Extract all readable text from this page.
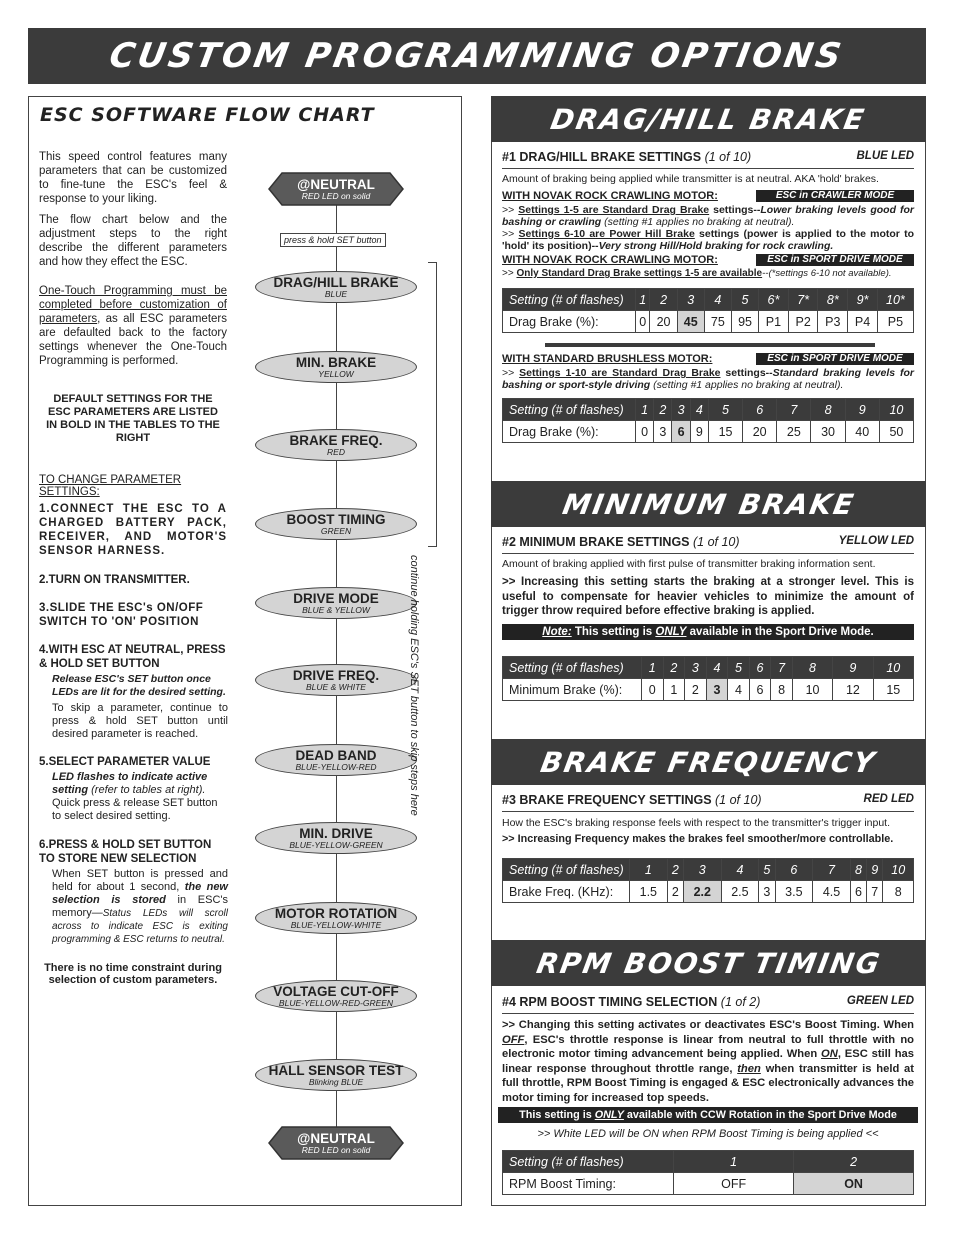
CUSTOM PROGRAMMING OPTIONS
ESC SOFTWARE FLOW CHART
This speed control features many parameters that can be customized to fine-tune the ESC's feel & response to your liking.
The flow chart below and the adjustment steps to the right describe the different parameters and how they effect the ESC.
One-Touch Programming must be completed before customization of parameters, as all ESC parameters are defaulted back to the factory settings whenever the One-Touch Programming is performed.
DEFAULT SETTINGS FOR THE ESC PARAMETERS ARE LISTED IN BOLD IN THE TABLES TO THE RIGHT
TO CHANGE PARAMETER SETTINGS:
1.CONNECT THE ESC TO A CHARGED BATTERY PACK, RECEIVER, AND MOTOR'S SENSOR HARNESS.
2.TURN ON TRANSMITTER.
3.SLIDE THE ESC's ON/OFF SWITCH TO 'ON' POSITION
4.WITH ESC AT NEUTRAL, PRESS & HOLD SET BUTTON
Release ESC's SET button once LEDs are lit for the desired setting.
To skip a parameter, continue to press & hold SET button until desired parameter is reached.
5.SELECT PARAMETER VALUE
LED flashes to indicate active setting (refer to tables at right). Quick press & release SET button to select desired setting.
6.PRESS & HOLD SET BUTTON TO STORE NEW SELECTION
When SET button is pressed and held for about 1 second, the new selection is stored in ESC's memory—Status LEDs will scroll across to indicate ESC is exiting programming & ESC returns to neutral.
There is no time constraint during selection of custom parameters.
@NEUTRAL
RED LED on solid
press & hold SET button
DRAG/HILL BRAKE
BLUE
MIN. BRAKE
YELLOW
BRAKE FREQ.
RED
BOOST TIMING
GREEN
DRIVE MODE
BLUE & YELLOW
DRIVE FREQ.
BLUE & WHITE
DEAD BAND
BLUE-YELLOW-RED
MIN. DRIVE
BLUE-YELLOW-GREEN
MOTOR ROTATION
BLUE-YELLOW-WHITE
VOLTAGE CUT-OFF
BLUE-YELLOW-RED-GREEN
HALL SENSOR TEST
Blinking BLUE
@NEUTRAL
RED LED on solid
continue holding ESC's SET button to skip steps here
DRAG/HILL BRAKE
#1 DRAG/HILL BRAKE SETTINGS (1 of 10)	BLUE LED
Amount of braking being applied while transmitter is at neutral. AKA 'hold' brakes.
WITH NOVAK ROCK CRAWLING MOTOR:	ESC in CRAWLER MODE
>> Settings 1-5 are Standard Drag Brake settings--Lower braking levels good for bashing or crawling (setting #1 applies no braking at neutral).
>> Settings 6-10 are Power Hill Brake settings (power is applied to the motor to 'hold' its position)--Very strong Hill/Hold braking for rock crawling.
WITH NOVAK ROCK CRAWLING MOTOR:	ESC in SPORT DRIVE MODE
>> Only Standard Drag Brake settings 1-5 are available--(*settings 6-10 not available).
Setting (# of flashes)	1	2	3	4	5	6*	7*	8*	9*	10*
Drag Brake (%):	0	20	45	75	95	P1	P2	P3	P4	P5
WITH STANDARD BRUSHLESS MOTOR:	ESC in SPORT DRIVE MODE
>> Settings 1-10 are Standard Drag Brake settings--Standard braking levels for bashing or sport-style driving (setting #1 applies no braking at neutral).
Setting (# of flashes)	1	2	3	4	5	6	7	8	9	10
Drag Brake (%):	0	3	6	9	15	20	25	30	40	50
MINIMUM BRAKE
#2 MINIMUM BRAKE SETTINGS (1 of 10)	YELLOW LED
Amount of braking applied with first pulse of transmitter braking information sent.
>> Increasing this setting starts the braking at a stronger level. This is useful to compensate for heavier vehicles to minimize the amount of trigger throw required before effective braking is applied.
Note: This setting is ONLY available in the Sport Drive Mode.
Setting (# of flashes)	1	2	3	4	5	6	7	8	9	10
Minimum Brake (%):	0	1	2	3	4	6	8	10	12	15
BRAKE FREQUENCY
#3 BRAKE FREQUENCY SETTINGS (1 of 10)	RED LED
How the ESC's braking response feels with respect to the transmitter's trigger input.
>> Increasing Frequency makes the brakes feel smoother/more controllable.
Setting (# of flashes)	1	2	3	4	5	6	7	8	9	10
Brake Freq. (KHz):	1.5	2	2.2	2.5	3	3.5	4.5	6	7	8
RPM BOOST TIMING
#4 RPM BOOST TIMING SELECTION (1 of 2)	GREEN LED
>> Changing this setting activates or deactivates ESC's Boost Timing. When OFF, ESC's throttle response is linear from neutral to full throttle with no electronic motor timing advancement being applied. When ON, ESC still has linear response throughout throttle range, then when transmitter is held at full throttle, RPM Boost Timing is engaged & ESC electronically advances the motor timing for increased top speeds.
This setting is ONLY available with CCW Rotation in the Sport Drive Mode
>> White LED will be ON when RPM Boost Timing is being applied <<
Setting (# of flashes)	1	2
RPM Boost Timing:	OFF	ON
